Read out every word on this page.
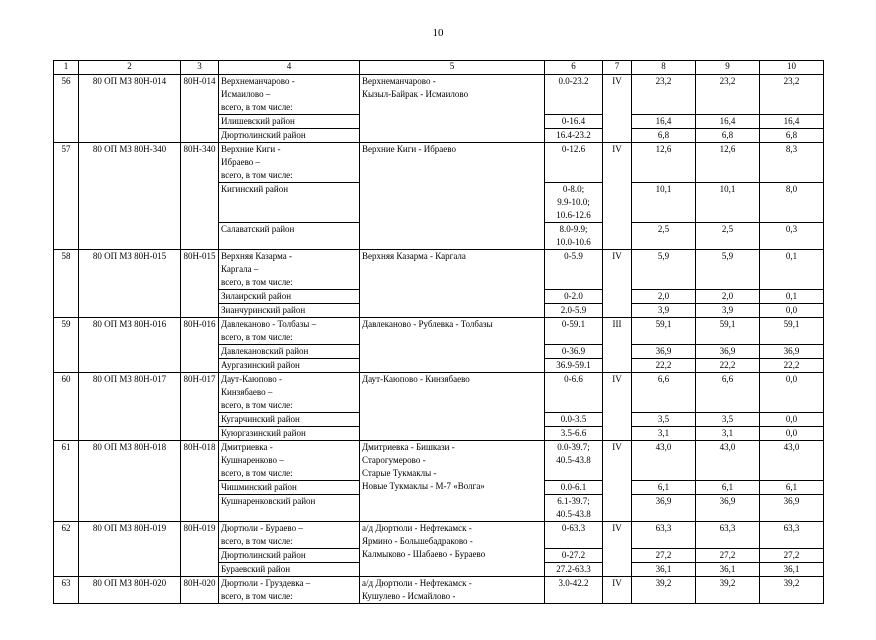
10
1	2	3	4	5	6	7	8	9	10

56	80 ОП МЗ 80Н-014	80Н-014	Верхнеманчарово -
Исмаилово –
всего, в том числе:	Верхнеманчарово -
Кызыл-Байрак - Исмаилово	0.0-23.2	IV	23,2	23,2	23,2

			Илишевский район		0-16.4		16,4	16,4	16,4

			Дюртюлинский район		16.4-23.2		6,8	6,8	6,8

57	80 ОП МЗ 80Н-340	80Н-340	Верхние Киги -
Ибраево –
всего, в том числе:	Верхние Киги - Ибраево	0-12.6	IV	12,6	12,6	8,3

			Кигинский район		0-8.0;
9.9-10.0;
10.6-12.6		10,1	10,1	8,0

			Салаватский район		8.0-9.9;
10.0-10.6		2,5	2,5	0,3

58	80 ОП МЗ 80Н-015	80Н-015	Верхняя Казарма -
Каргала –
всего, в том числе:	Верхняя Казарма - Каргала	0-5.9	IV	5,9	5,9	0,1

			Зилаирский район		0-2.0		2,0	2,0	0,1

			Зианчуринский район		2.0-5.9		3,9	3,9	0,0

59	80 ОП МЗ 80Н-016	80Н-016	Давлеканово - Толбазы –
всего, в том числе:	Давлеканово - Рублевка - Толбазы	0-59.1	III	59,1	59,1	59,1

			Давлекановский район		0-36.9		36,9	36,9	36,9

			Аургазинский район		36.9-59.1		22,2	22,2	22,2

60	80 ОП МЗ 80Н-017	80Н-017	Даут-Каюпово -
Кинзябаево –
всего, в том числе:	Даут-Каюпово - Кинзябаево	0-6.6	IV	6,6	6,6	0,0

			Кугарчинский район		0.0-3.5		3,5	3,5	0,0

			Куюргазинский район		3.5-6.6		3,1	3,1	0,0

61	80 ОП МЗ 80Н-018	80Н-018	Дмитриевка -
Кушнаренково –
всего, в том числе:	Дмитриевка - Бишкази -
Старогумерово -
Старые Тукмаклы -
Новые Тукмаклы - М-7 «Волга»	0.0-39.7;
40.5-43.8	IV	43,0	43,0	43,0

			Чишминский район		0.0-6.1		6,1	6,1	6,1

			Кушнаренковский район		6.1-39.7;
40.5-43.8		36,9	36,9	36,9

62	80 ОП МЗ 80Н-019	80Н-019	Дюртюли - Бураево –
всего, в том числе:	а/д Дюртюли - Нефтекамск -
Ярмино - Большебадраково -
Калмыково - Шабаево - Бураево	0-63.3	IV	63,3	63,3	63,3

			Дюртюлинский район		0-27.2		27,2	27,2	27,2

			Бураевский район		27.2-63.3		36,1	36,1	36,1

63	80 ОП МЗ 80Н-020	80Н-020	Дюртюли - Груздевка –
всего, в том числе:	а/д Дюртюли - Нефтекамск -
Кушулево - Исмайлово -	3.0-42.2	IV	39,2	39,2	39,2
